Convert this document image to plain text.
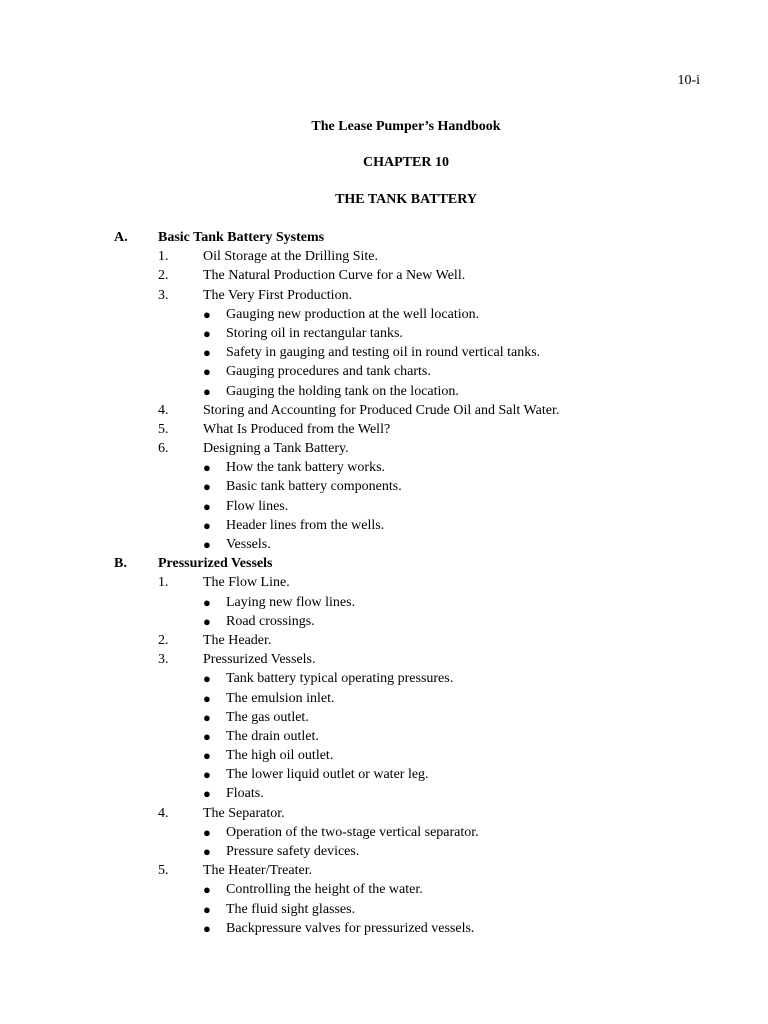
10-i
The Lease Pumper’s Handbook
CHAPTER 10
THE TANK BATTERY
A. Basic Tank Battery Systems
1. Oil Storage at the Drilling Site.
2. The Natural Production Curve for a New Well.
3. The Very First Production.
● Gauging new production at the well location.
● Storing oil in rectangular tanks.
● Safety in gauging and testing oil in round vertical tanks.
● Gauging procedures and tank charts.
● Gauging the holding tank on the location.
4. Storing and Accounting for Produced Crude Oil and Salt Water.
5. What Is Produced from the Well?
6. Designing a Tank Battery.
● How the tank battery works.
● Basic tank battery components.
● Flow lines.
● Header lines from the wells.
● Vessels.
B. Pressurized Vessels
1. The Flow Line.
● Laying new flow lines.
● Road crossings.
2. The Header.
3. Pressurized Vessels.
● Tank battery typical operating pressures.
● The emulsion inlet.
● The gas outlet.
● The drain outlet.
● The high oil outlet.
● The lower liquid outlet or water leg.
● Floats.
4. The Separator.
● Operation of the two-stage vertical separator.
● Pressure safety devices.
5. The Heater/Treater.
● Controlling the height of the water.
● The fluid sight glasses.
● Backpressure valves for pressurized vessels.
